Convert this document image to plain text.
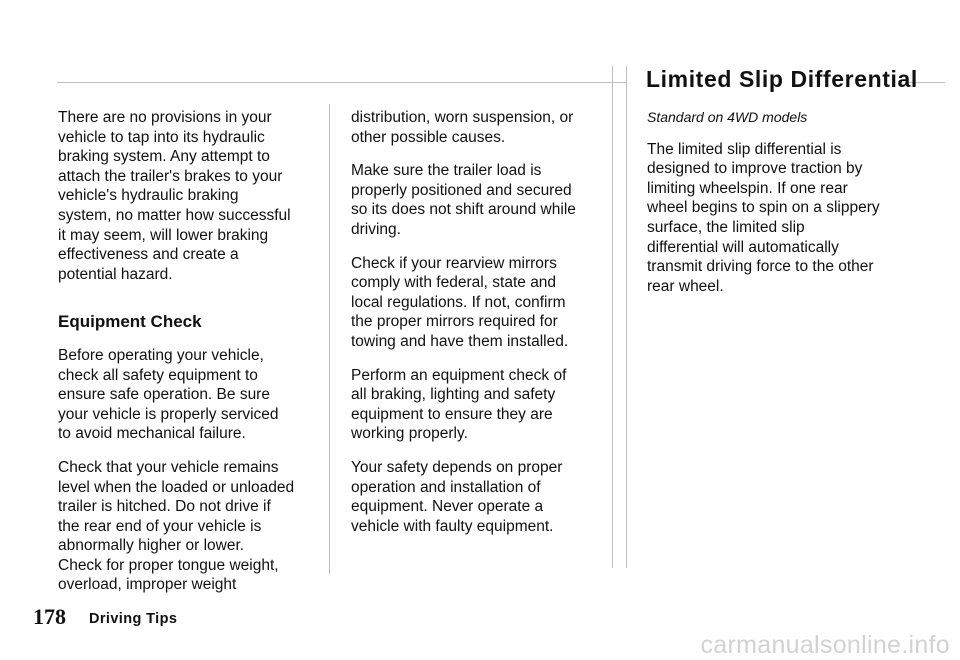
There are no provisions in your
vehicle to tap into its hydraulic
braking system. Any attempt to
attach the trailer's brakes to your
vehicle's hydraulic braking
system, no matter how successful
it may seem, will lower braking
effectiveness and create a
potential hazard.

Equipment Check

Before operating your vehicle,
check all safety equipment to
ensure safe operation. Be sure
your vehicle is properly serviced
to avoid mechanical failure.

Check that your vehicle remains
level when the loaded or unloaded
trailer is hitched. Do not drive if
the rear end of your vehicle is
abnormally higher or lower.
Check for proper tongue weight,
overload, improper weight

distribution, worn suspension, or
other possible causes.

Make sure the trailer load is
properly positioned and secured
so its does not shift around while
driving.

Check if your rearview mirrors
comply with federal, state and
local regulations. If not, confirm
the proper mirrors required for
towing and have them installed.

Perform an equipment check of
all braking, lighting and safety
equipment to ensure they are
working properly.

Your safety depends on proper
operation and installation of
equipment. Never operate a
vehicle with faulty equipment.

Limited Slip Differential

Standard on 4WD models

The limited slip differential is
designed to improve traction by
limiting wheelspin. If one rear
wheel begins to spin on a slippery
surface, the limited slip
differential will automatically
transmit driving force to the other
rear wheel.

178 Driving Tips
carmanualsonline.info
